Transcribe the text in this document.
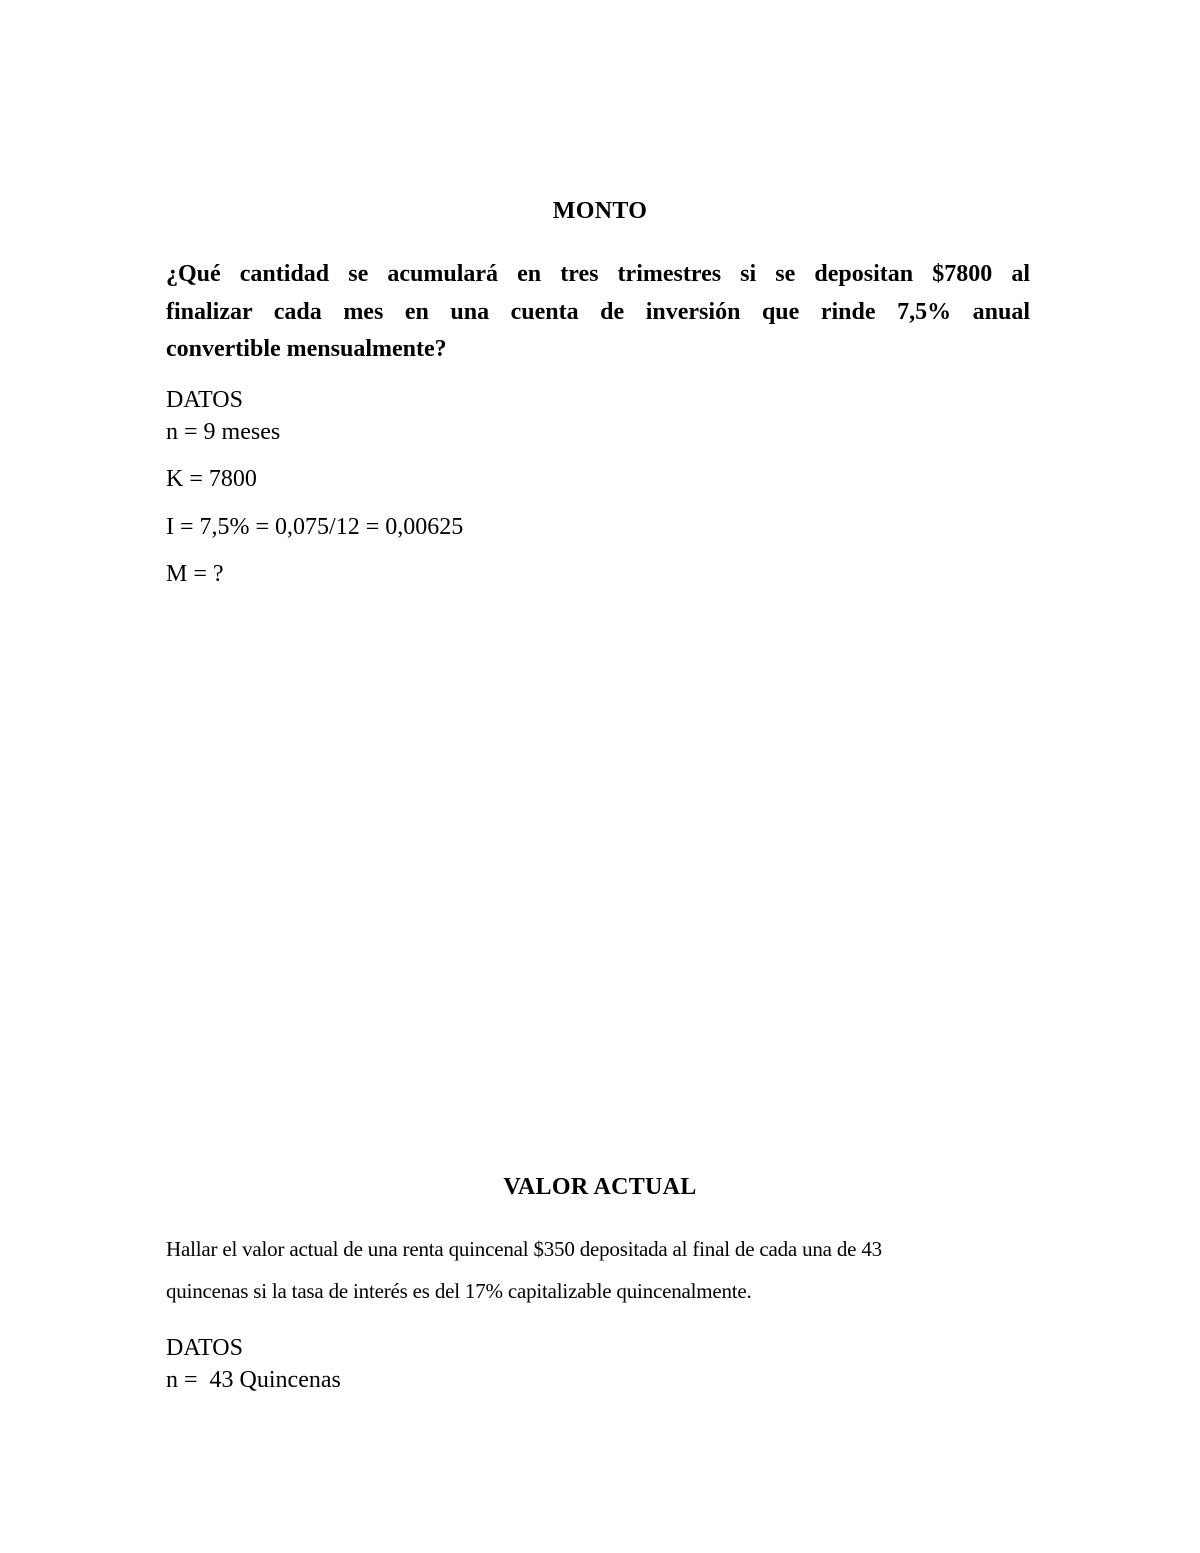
MONTO
¿Qué cantidad se acumulará en tres trimestres si se depositan $7800 al
finalizar cada mes en una cuenta de inversión que rinde 7,5% anual
convertible mensualmente?
DATOS
n = 9 meses
K = 7800
I = 7,5% = 0,075/12 = 0,00625
M = ?
VALOR ACTUAL
Hallar el valor actual de una renta quincenal $350 depositada al final de cada una de 43
quincenas si la tasa de interés es del 17% capitalizable quincenalmente.
DATOS
n =  43 Quincenas
